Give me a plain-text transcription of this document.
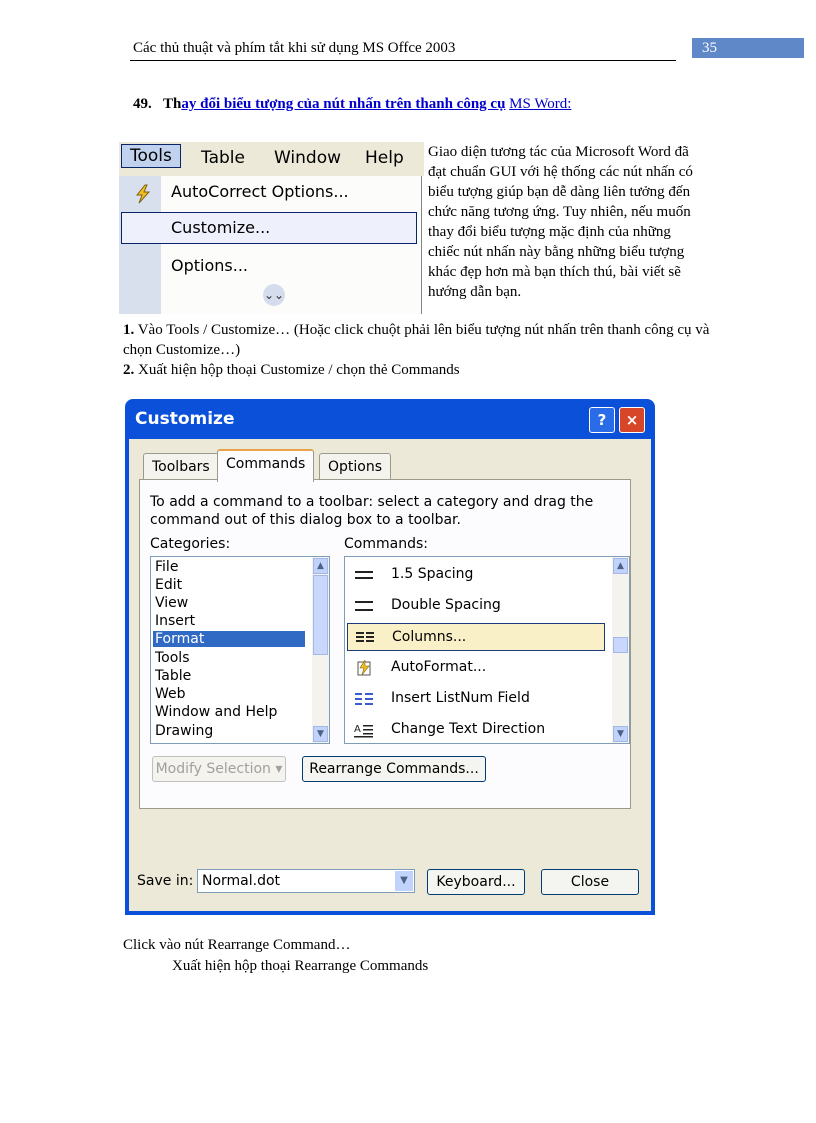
Các thủ thuật và phím tắt khi sử dụng MS Offce 2003	35
49. Thay đổi biểu tượng của nút nhấn trên thanh công cụ MS Word:
Tools	Table Window Help
AutoCorrect Options...
Customize...
Options...
⌄⌄
Giao diện tương tác của Microsoft Word đã đạt chuẩn GUI với hệ thống các nút nhấn có biểu tượng giúp bạn dễ dàng liên tưởng đến chức năng tương ứng. Tuy nhiên, nếu muốn thay đổi biểu tượng mặc định của những chiếc nút nhấn này bằng những biểu tượng khác đẹp hơn mà bạn thích thú, bài viết sẽ hướng dẫn bạn.
1. Vào Tools / Customize… (Hoặc click chuột phải lên biểu tượng nút nhấn trên thanh công cụ và chọn Customize…)
2. Xuất hiện hộp thoại Customize / chọn thẻ Commands
Customize	?	×
Toolbars	Commands	Options
To add a command to a toolbar: select a category and drag the
command out of this dialog box to a toolbar.
Categories:	Commands:
File
Edit
View
Insert
Format
Tools
Table
Web
Window and Help
Drawing
▲
▼
1.5 Spacing
Double Spacing
Columns...
AutoFormat...
Insert ListNum Field
A Change Text Direction
▲
▼
Modify Selection ▾	Rearrange Commands...
Save in: Normal.dot	▼	Keyboard...	Close
Click vào nút Rearrange Command…
Xuất hiện hộp thoại Rearrange Commands
